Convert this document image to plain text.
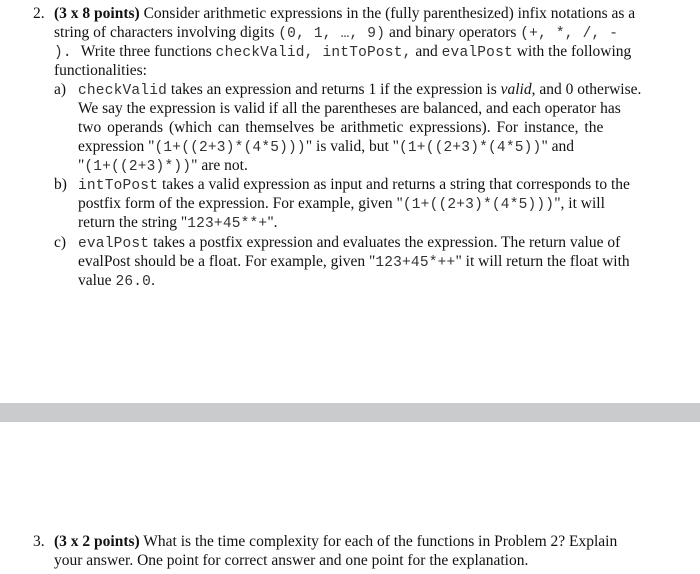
2. (3 x 8 points) Consider arithmetic expressions in the (fully parenthesized) infix notations as a
string of characters involving digits (0, 1, …, 9) and binary operators (+, *, /, -
). Write three functions checkValid, intToPost, and evalPost with the following
functionalities:
a) checkValid takes an expression and returns 1 if the expression is valid, and 0 otherwise.
We say the expression is valid if all the parentheses are balanced, and each operator has
two operands (which can themselves be arithmetic expressions). For instance, the
expression "(1+((2+3)*(4*5)))" is valid, but "(1+((2+3)*(4*5))" and
"(1+((2+3)*))" are not.
b) intToPost takes a valid expression as input and returns a string that corresponds to the
postfix form of the expression. For example, given "(1+((2+3)*(4*5)))", it will
return the string "123+45**+".
c) evalPost takes a postfix expression and evaluates the expression. The return value of
evalPost should be a float. For example, given "123+45*++" it will return the float with
value 26.0.
3. (3 x 2 points) What is the time complexity for each of the functions in Problem 2? Explain
your answer. One point for correct answer and one point for the explanation.
